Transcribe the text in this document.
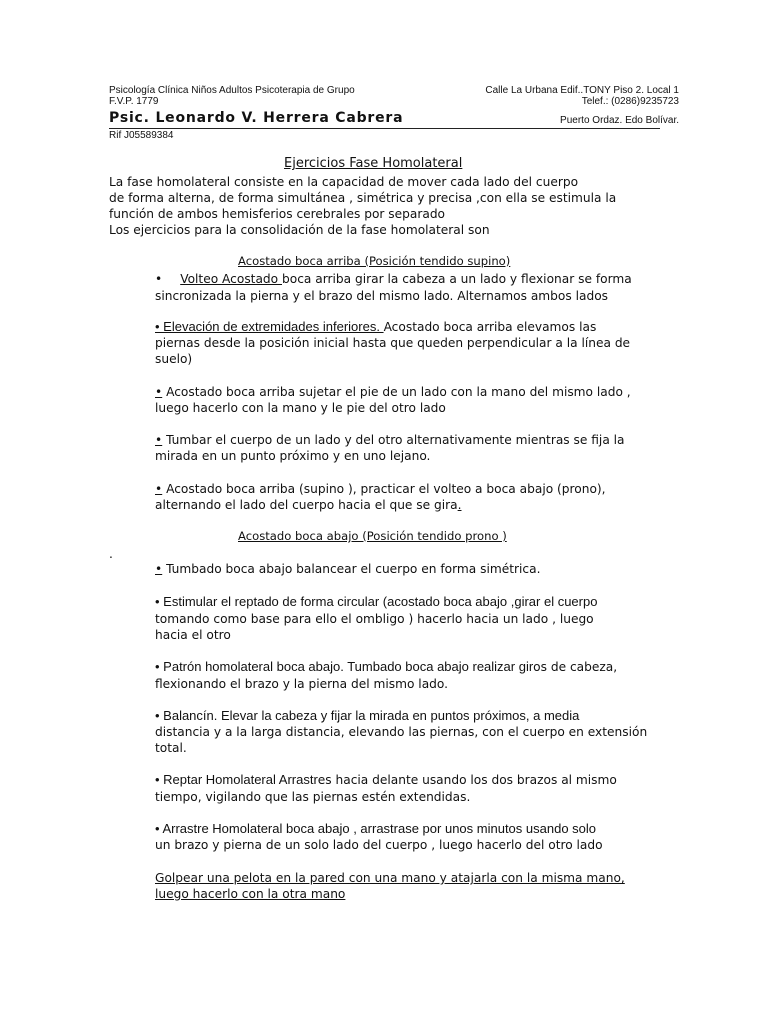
Psicología Clínica Niños Adultos Psicoterapia de Grupo
F.V.P. 1779
Calle La Urbana Edif..TONY Piso 2. Local 1
Telef.: (0286)9235723
Psic. Leonardo V. Herrera Cabrera	Puerto Ordaz. Edo Bolívar.
Rif J05589384
Ejercicios Fase Homolateral
La fase homolateral consiste en la capacidad de mover cada lado del cuerpo
de forma alterna, de forma simultánea , simétrica y precisa ,con ella se estimula la
función de ambos hemisferios cerebrales por separado
Los ejercicios para la consolidación de la fase homolateral son
Acostado boca arriba (Posición tendido supino)
• Volteo Acostado boca arriba girar la cabeza a un lado y flexionar se forma
sincronizada la pierna y el brazo del mismo lado. Alternamos ambos lados
• Elevación de extremidades inferiores. Acostado boca arriba elevamos las
piernas desde la posición inicial hasta que queden perpendicular a la línea de
suelo)
• Acostado boca arriba sujetar el pie de un lado con la mano del mismo lado ,
luego hacerlo con la mano y le pie del otro lado
• Tumbar el cuerpo de un lado y del otro alternativamente mientras se fija la
mirada en un punto próximo y en uno lejano.
• Acostado boca arriba (supino ), practicar el volteo a boca abajo (prono),
alternando el lado del cuerpo hacia el que se gira.
Acostado boca abajo (Posición tendido prono )
.
• Tumbado boca abajo balancear el cuerpo en forma simétrica.
• Estimular el reptado de forma circular (acostado boca abajo ,girar el cuerpo
tomando como base para ello el ombligo ) hacerlo hacia un lado , luego
hacia el otro
• Patrón homolateral boca abajo. Tumbado boca abajo realizar giros de cabeza,
flexionando el brazo y la pierna del mismo lado.
• Balancín. Elevar la cabeza y fijar la mirada en puntos próximos, a media
distancia y a la larga distancia, elevando las piernas, con el cuerpo en extensión
total.
• Reptar Homolateral Arrastres hacia delante usando los dos brazos al mismo
tiempo, vigilando que las piernas estén extendidas.
• Arrastre Homolateral boca abajo , arrastrase por unos minutos usando solo
un brazo y pierna de un solo lado del cuerpo , luego hacerlo del otro lado
Golpear una pelota en la pared con una mano y atajarla con la misma mano,
luego hacerlo con la otra mano
